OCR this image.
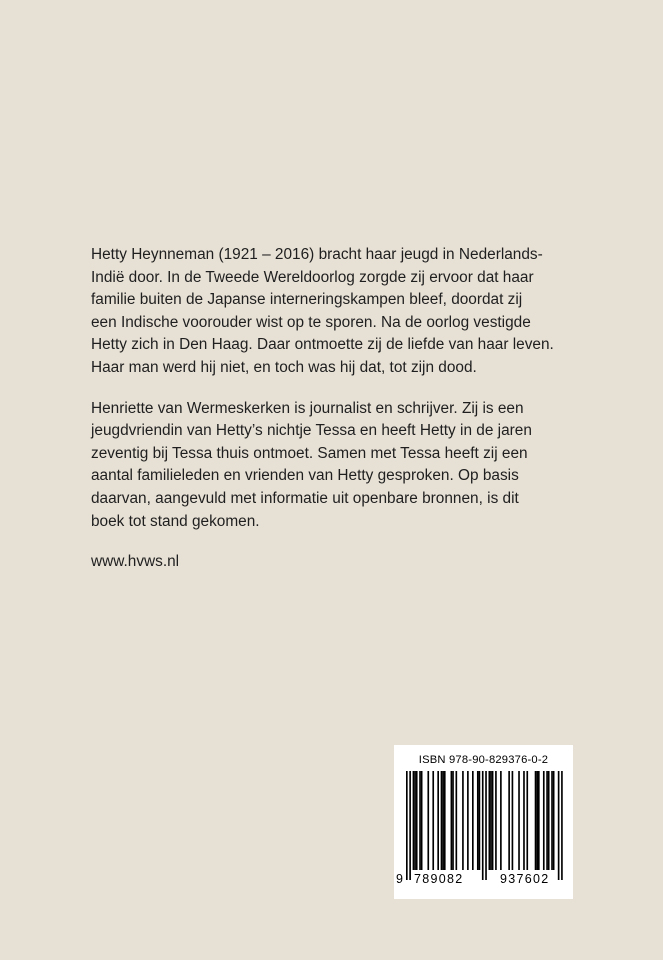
Hetty Heynneman (1921 – 2016) bracht haar jeugd in Nederlands-
Indië door. In de Tweede Wereldoorlog zorgde zij ervoor dat haar
familie buiten de Japanse interneringskampen bleef, doordat zij
een Indische voorouder wist op te sporen. Na de oorlog vestigde
Hetty zich in Den Haag. Daar ontmoette zij de liefde van haar leven.
Haar man werd hij niet, en toch was hij dat, tot zijn dood.

Henriette van Wermeskerken is journalist en schrijver. Zij is een
jeugdvriendin van Hetty’s nichtje Tessa en heeft Hetty in de jaren
zeventig bij Tessa thuis ontmoet. Samen met Tessa heeft zij een
aantal familieleden en vrienden van Hetty gesproken. Op basis
daarvan, aangevuld met informatie uit openbare bronnen, is dit
boek tot stand gekomen.

www.hvws.nl
ISBN 978-90-829376-0-2
9 789082	937602
